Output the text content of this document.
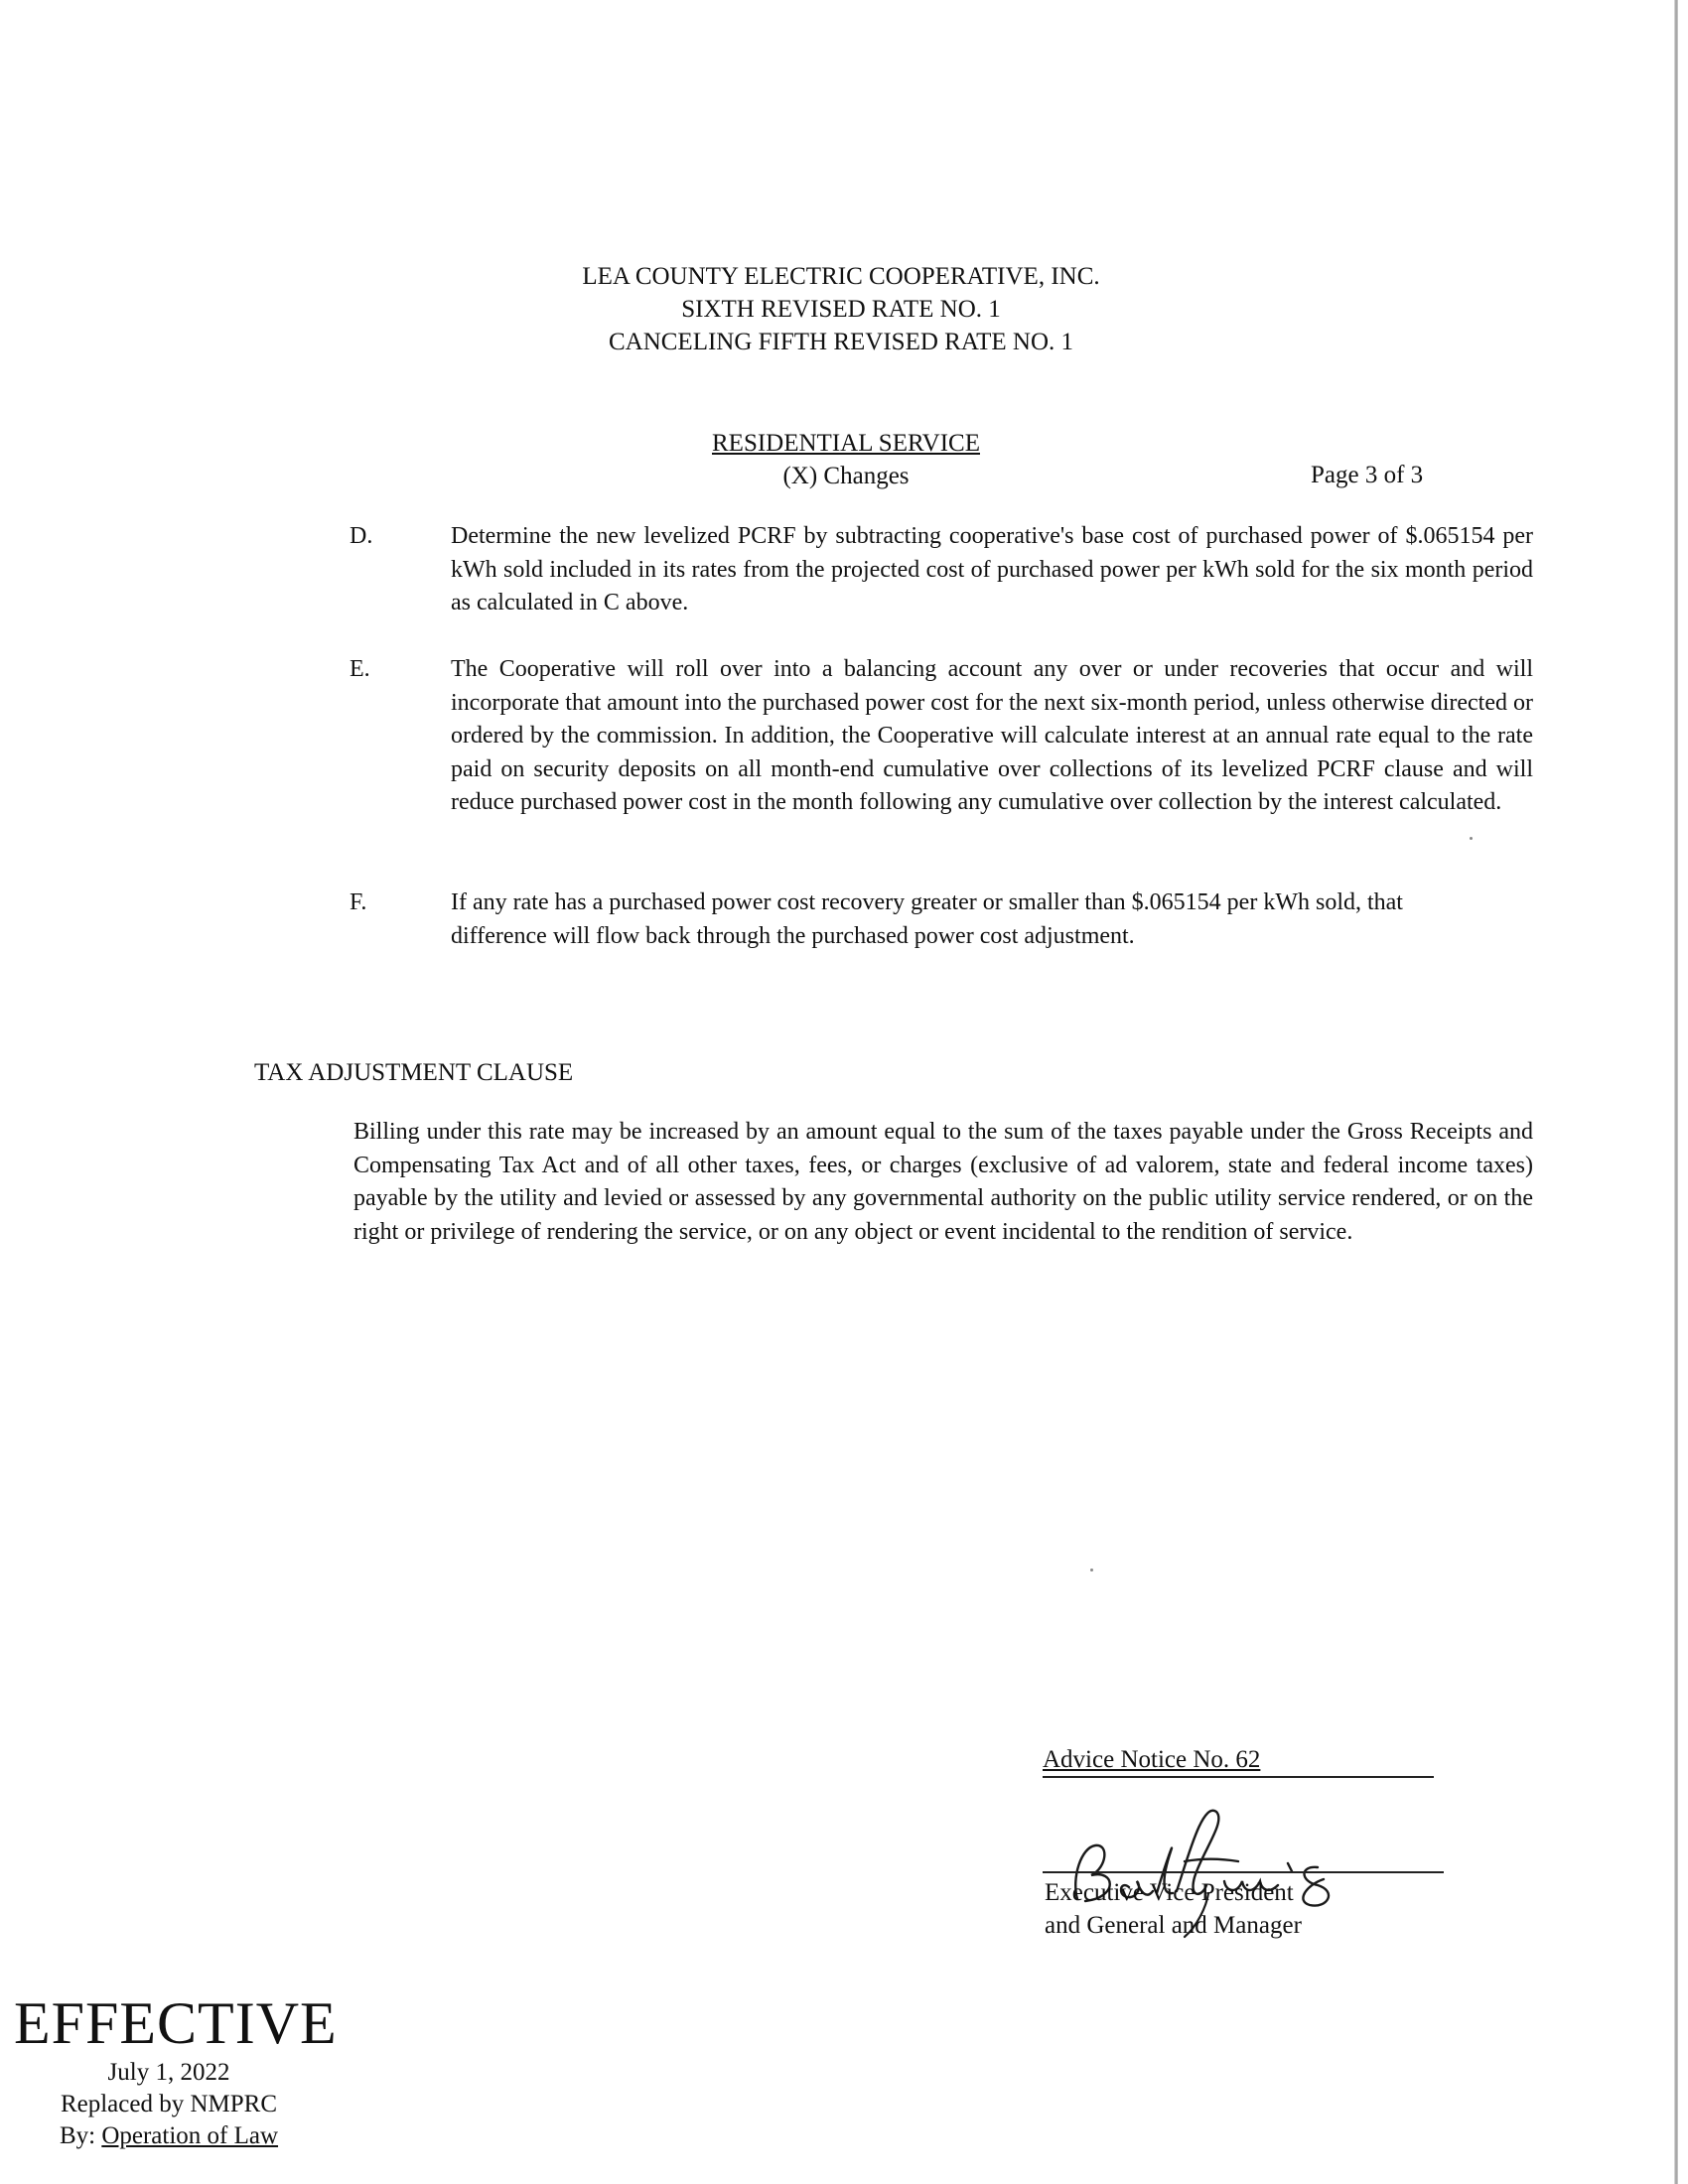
LEA COUNTY ELECTRIC COOPERATIVE, INC.
SIXTH REVISED RATE NO. 1
CANCELING FIFTH REVISED RATE NO. 1
RESIDENTIAL SERVICE
(X) Changes	Page 3 of 3
D.	Determine the new levelized PCRF by subtracting cooperative's base cost of purchased power of $.065154 per kWh sold included in its rates from the projected cost of purchased power per kWh sold for the six month period as calculated in C above.
E.	The Cooperative will roll over into a balancing account any over or under recoveries that occur and will incorporate that amount into the purchased power cost for the next six-month period, unless otherwise directed or ordered by the commission. In addition, the Cooperative will calculate interest at an annual rate equal to the rate paid on security deposits on all month-end cumulative over collections of its levelized PCRF clause and will reduce purchased power cost in the month following any cumulative over collection by the interest calculated.
F.	If any rate has a purchased power cost recovery greater or smaller than $.065154 per kWh sold, that difference will flow back through the purchased power cost adjustment.
TAX ADJUSTMENT CLAUSE
Billing under this rate may be increased by an amount equal to the sum of the taxes payable under the Gross Receipts and Compensating Tax Act and of all other taxes, fees, or charges (exclusive of ad valorem, state and federal income taxes) payable by the utility and levied or assessed by any governmental authority on the public utility service rendered, or on the right or privilege of rendering the service, or on any object or event incidental to the rendition of service.
Advice Notice No. 62
Executive Vice President
and General and Manager
EFFECTIVE
July 1, 2022
Replaced by NMPRC
By: Operation of Law
